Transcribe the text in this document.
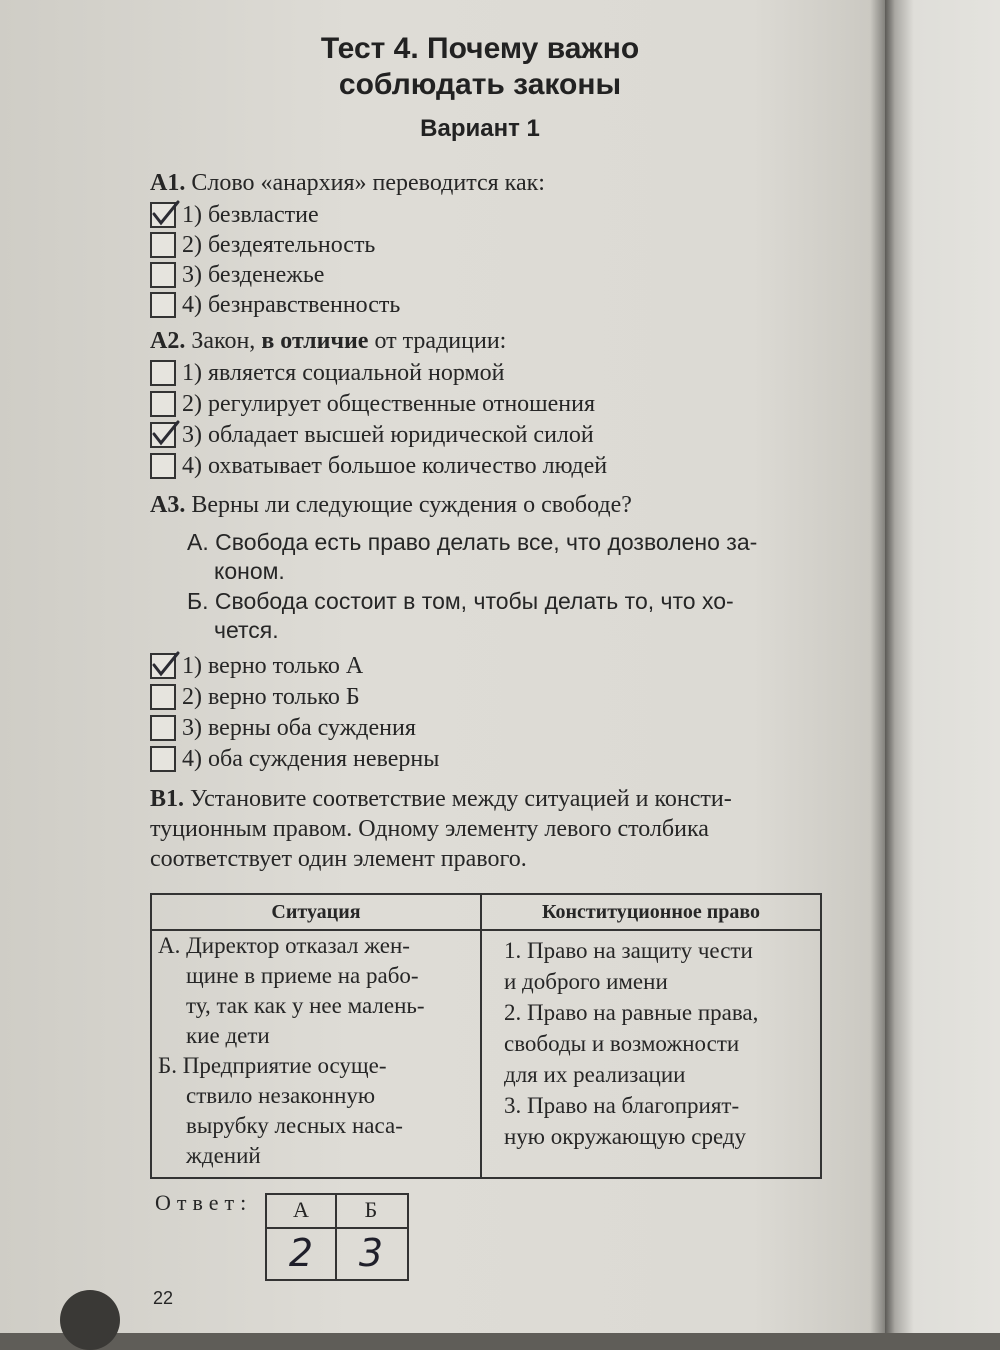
Тест 4. Почему важно
соблюдать законы
Вариант 1
А1. Слово «анархия» переводится как:
1) безвластие
2) бездеятельность
3) безденежье
4) безнравственность
А2. Закон, в отличие от традиции:
1) является социальной нормой
2) регулирует общественные отношения
3) обладает высшей юридической силой
4) охватывает большое количество людей
А3. Верны ли следующие суждения о свободе?
А. Свобода есть право делать все, что дозволено за-
коном.
Б. Свобода состоит в том, чтобы делать то, что хо-
чется.
1) верно только А
2) верно только Б
3) верны оба суждения
4) оба суждения неверны
В1. Установите соответствие между ситуацией и консти-
туционным правом. Одному элементу левого столбика
соответствует один элемент правого.
Ситуация	Конституционное право
А. Директор отказал жен-
щине в приеме на рабо-
ту, так как у нее малень-
кие дети
Б. Предприятие осуще-
ствило незаконную
вырубку лесных наса-
ждений
1. Право на защиту чести
и доброго имени
2. Право на равные права,
свободы и возможности
для их реализации
3. Право на благоприят-
ную окружающую среду
Ответ:	А	Б
2	3
22
